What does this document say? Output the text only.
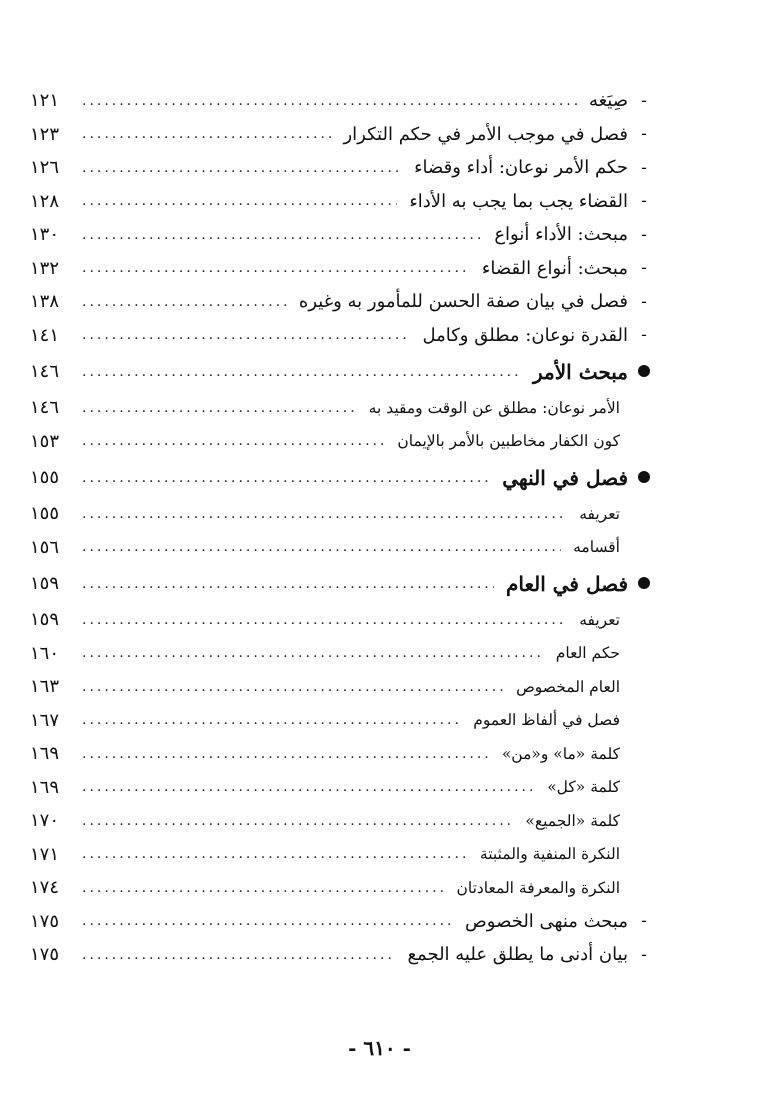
-
صِيَغه
.....
١٢١
-
فصل في موجب الأمر في حكم التكرار
.....
١٢٣
-
حكم الأمر نوعان: أداء وقضاء
.....
١٢٦
-
القضاء يجب بما يجب به الأداء
.....
١٢٨
-
مبحث: الأداء أنواع
.....
١٣٠
-
مبحث: أنواع القضاء
.....
١٣٢
-
فصل في بيان صفة الحسن للمأمور به وغيره
.....
١٣٨
-
القدرة نوعان: مطلق وكامل
.....
١٤١
مبحث الأمر
.....
١٤٦
الأمر نوعان: مطلق عن الوقت ومقيد به
.....
١٤٦
كون الكفار مخاطبين بالأمر بالإيمان
.....
١٥٣
فصل في النهي
.....
١٥٥
تعريفه
.....
١٥٥
أقسامه
.....
١٥٦
فصل في العام
.....
١٥٩
تعريفه
.....
١٥٩
حكم العام
.....
١٦٠
العام المخصوص
.....
١٦٣
فصل في ألفاظ العموم
.....
١٦٧
كلمة «ما» و«من»
.....
١٦٩
كلمة «كل»
.....
١٦٩
كلمة «الجميع»
.....
١٧٠
النكرة المنفية والمثبتة
.....
١٧١
النكرة والمعرفة المعادتان
.....
١٧٤
-
مبحث منهى الخصوص
.....
١٧٥
-
بيان أدنى ما يطلق عليه الجمع
.....
١٧٥
- ٦١٠ -
